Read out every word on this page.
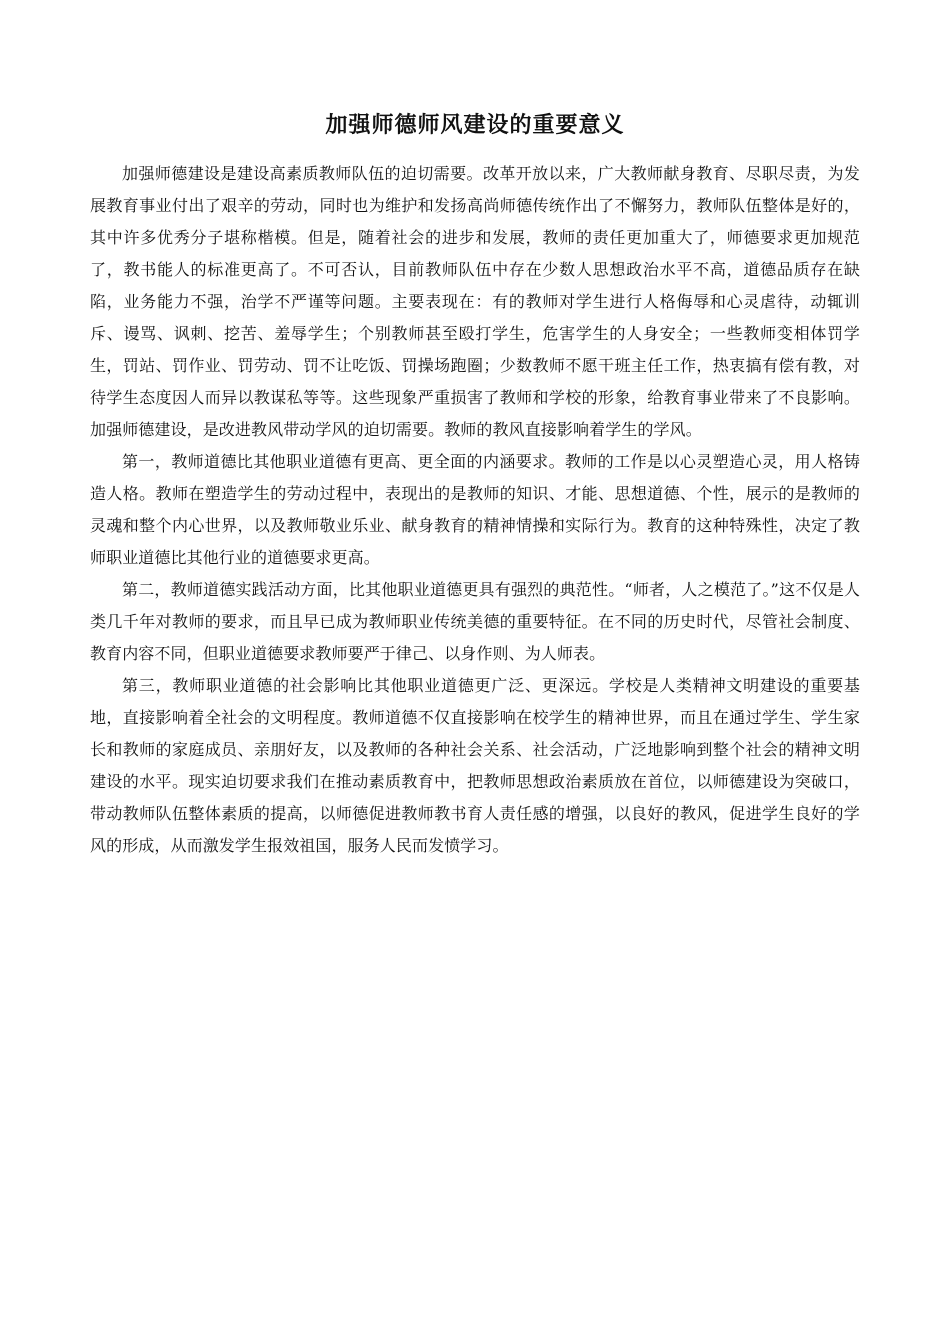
加强师德师风建设的重要意义

加强师德建设是建设高素质教师队伍的迫切需要。改革开放以来，广大教师献身教育、尽职尽责，为发展教育事业付出了艰辛的劳动，同时也为维护和发扬高尚师德传统作出了不懈努力，教师队伍整体是好的，其中许多优秀分子堪称楷模。但是，随着社会的进步和发展，教师的责任更加重大了，师德要求更加规范了，教书能人的标准更高了。不可否认，目前教师队伍中存在少数人思想政治水平不高，道德品质存在缺陷，业务能力不强，治学不严谨等问题。主要表现在：有的教师对学生进行人格侮辱和心灵虐待，动辄训斥、谩骂、讽刺、挖苦、羞辱学生；个别教师甚至殴打学生，危害学生的人身安全；一些教师变相体罚学生，罚站、罚作业、罚劳动、罚不让吃饭、罚操场跑圈；少数教师不愿干班主任工作，热衷搞有偿有教，对待学生态度因人而异以教谋私等等。这些现象严重损害了教师和学校的形象，给教育事业带来了不良影响。加强师德建设，是改进教风带动学风的迫切需要。教师的教风直接影响着学生的学风。

第一，教师道德比其他职业道德有更高、更全面的内涵要求。教师的工作是以心灵塑造心灵，用人格铸造人格。教师在塑造学生的劳动过程中，表现出的是教师的知识、才能、思想道德、个性，展示的是教师的灵魂和整个内心世界，以及教师敬业乐业、献身教育的精神情操和实际行为。教育的这种特殊性，决定了教师职业道德比其他行业的道德要求更高。

第二，教师道德实践活动方面，比其他职业道德更具有强烈的典范性。“师者，人之模范了。”这不仅是人类几千年对教师的要求，而且早已成为教师职业传统美德的重要特征。在不同的历史时代，尽管社会制度、教育内容不同，但职业道德要求教师要严于律己、以身作则、为人师表。

第三，教师职业道德的社会影响比其他职业道德更广泛、更深远。学校是人类精神文明建设的重要基地，直接影响着全社会的文明程度。教师道德不仅直接影响在校学生的精神世界，而且在通过学生、学生家长和教师的家庭成员、亲朋好友，以及教师的各种社会关系、社会活动，广泛地影响到整个社会的精神文明建设的水平。现实迫切要求我们在推动素质教育中，把教师思想政治素质放在首位，以师德建设为突破口，带动教师队伍整体素质的提高，以师德促进教师教书育人责任感的增强，以良好的教风，促进学生良好的学风的形成，从而激发学生报效祖国，服务人民而发愤学习。
